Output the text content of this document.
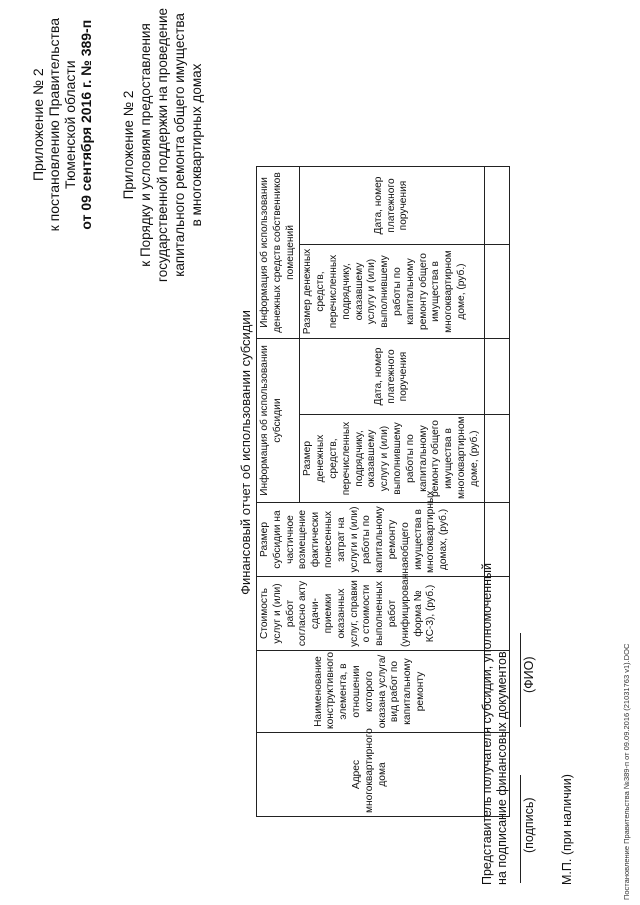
Приложение № 2 к постановлению Правительства Тюменской области от 09 сентября 2016 г. № 389-п Приложение № 2 к Порядку и условиям предоставления государственной поддержки на проведение капитального ремонта общего имущества в многоквартирных домах
Финансовый отчет об использовании субсидии
Адрес многоквартирного дома	Наименование конструктивного элемента, в отношении которого оказана услуга/вид работ по капитальному ремонту	Стоимость услуг и (или) работ согласно акту сдачи-приемки оказанных услуг, справки о стоимости выполненных работ (унифицированная форма № КС-3), (руб.)	Размер субсидии на частичное возмещение фактически понесенных затрат на услуги и (или) работы по капитальному ремонту общего имущества в многоквартирных домах, (руб.)	Информация об использовании субсидии		Информация об использовании денежных средств собственников помещений	
				Размер денежных средств, перечисленных подрядчику, оказавшему услугу и (или) выполнившему работы по капитальному ремонту общего имущества в многоквартирном доме, (руб.)	Дата, номер платежного поручения	Размер денежных средств, перечисленных подрядчику, оказавшему услугу и (или) выполнившему работы по капитальному ремонту общего имущества в многоквартирном доме, (руб.)	Дата, номер платежного поручения

Представитель получателя субсидии, уполномоченный на подписание финансовых документов (подпись)
(ФИО)
М.П. (при наличии)	Постановление Правительства №389-п от 09.09.2016 (21031763 v1).DOC
